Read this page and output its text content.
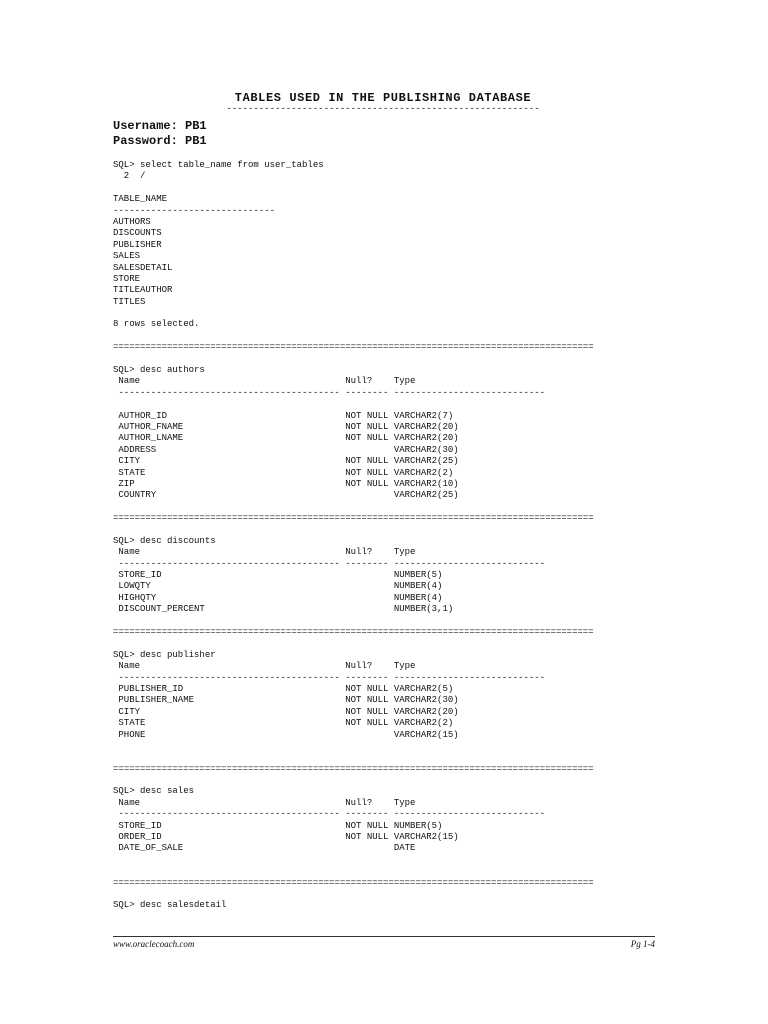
TABLES USED IN THE PUBLISHING DATABASE
----------------------------------------------------------
Username: PB1
Password: PB1
SQL> select table_name from user_tables
2  /
TABLE_NAME
------------------------------
AUTHORS
DISCOUNTS
PUBLISHER
SALES
SALESDETAIL
STORE
TITLEAUTHOR
TITLES
8 rows selected.
=========================================================================================
SQL> desc authors
Name                                      Null?    Type
----------------------------------------- -------- ----------------------------
AUTHOR_ID                                 NOT NULL VARCHAR2(7)
AUTHOR_FNAME                              NOT NULL VARCHAR2(20)
AUTHOR_LNAME                              NOT NULL VARCHAR2(20)
ADDRESS                                            VARCHAR2(30)
CITY                                      NOT NULL VARCHAR2(25)
STATE                                     NOT NULL VARCHAR2(2)
ZIP                                       NOT NULL VARCHAR2(10)
COUNTRY                                            VARCHAR2(25)
=========================================================================================
SQL> desc discounts
Name                                      Null?    Type
----------------------------------------- -------- ----------------------------
STORE_ID                                           NUMBER(5)
LOWQTY                                             NUMBER(4)
HIGHQTY                                            NUMBER(4)
DISCOUNT_PERCENT                                   NUMBER(3,1)
=========================================================================================
SQL> desc publisher
Name                                      Null?    Type
----------------------------------------- -------- ----------------------------
PUBLISHER_ID                              NOT NULL VARCHAR2(5)
PUBLISHER_NAME                            NOT NULL VARCHAR2(30)
CITY                                      NOT NULL VARCHAR2(20)
STATE                                     NOT NULL VARCHAR2(2)
PHONE                                              VARCHAR2(15)
=========================================================================================
SQL> desc sales
Name                                      Null?    Type
----------------------------------------- -------- ----------------------------
STORE_ID                                  NOT NULL NUMBER(5)
ORDER_ID                                  NOT NULL VARCHAR2(15)
DATE_OF_SALE                                       DATE
=========================================================================================
SQL> desc salesdetail
www.oraclecoach.com	Pg 1-4
